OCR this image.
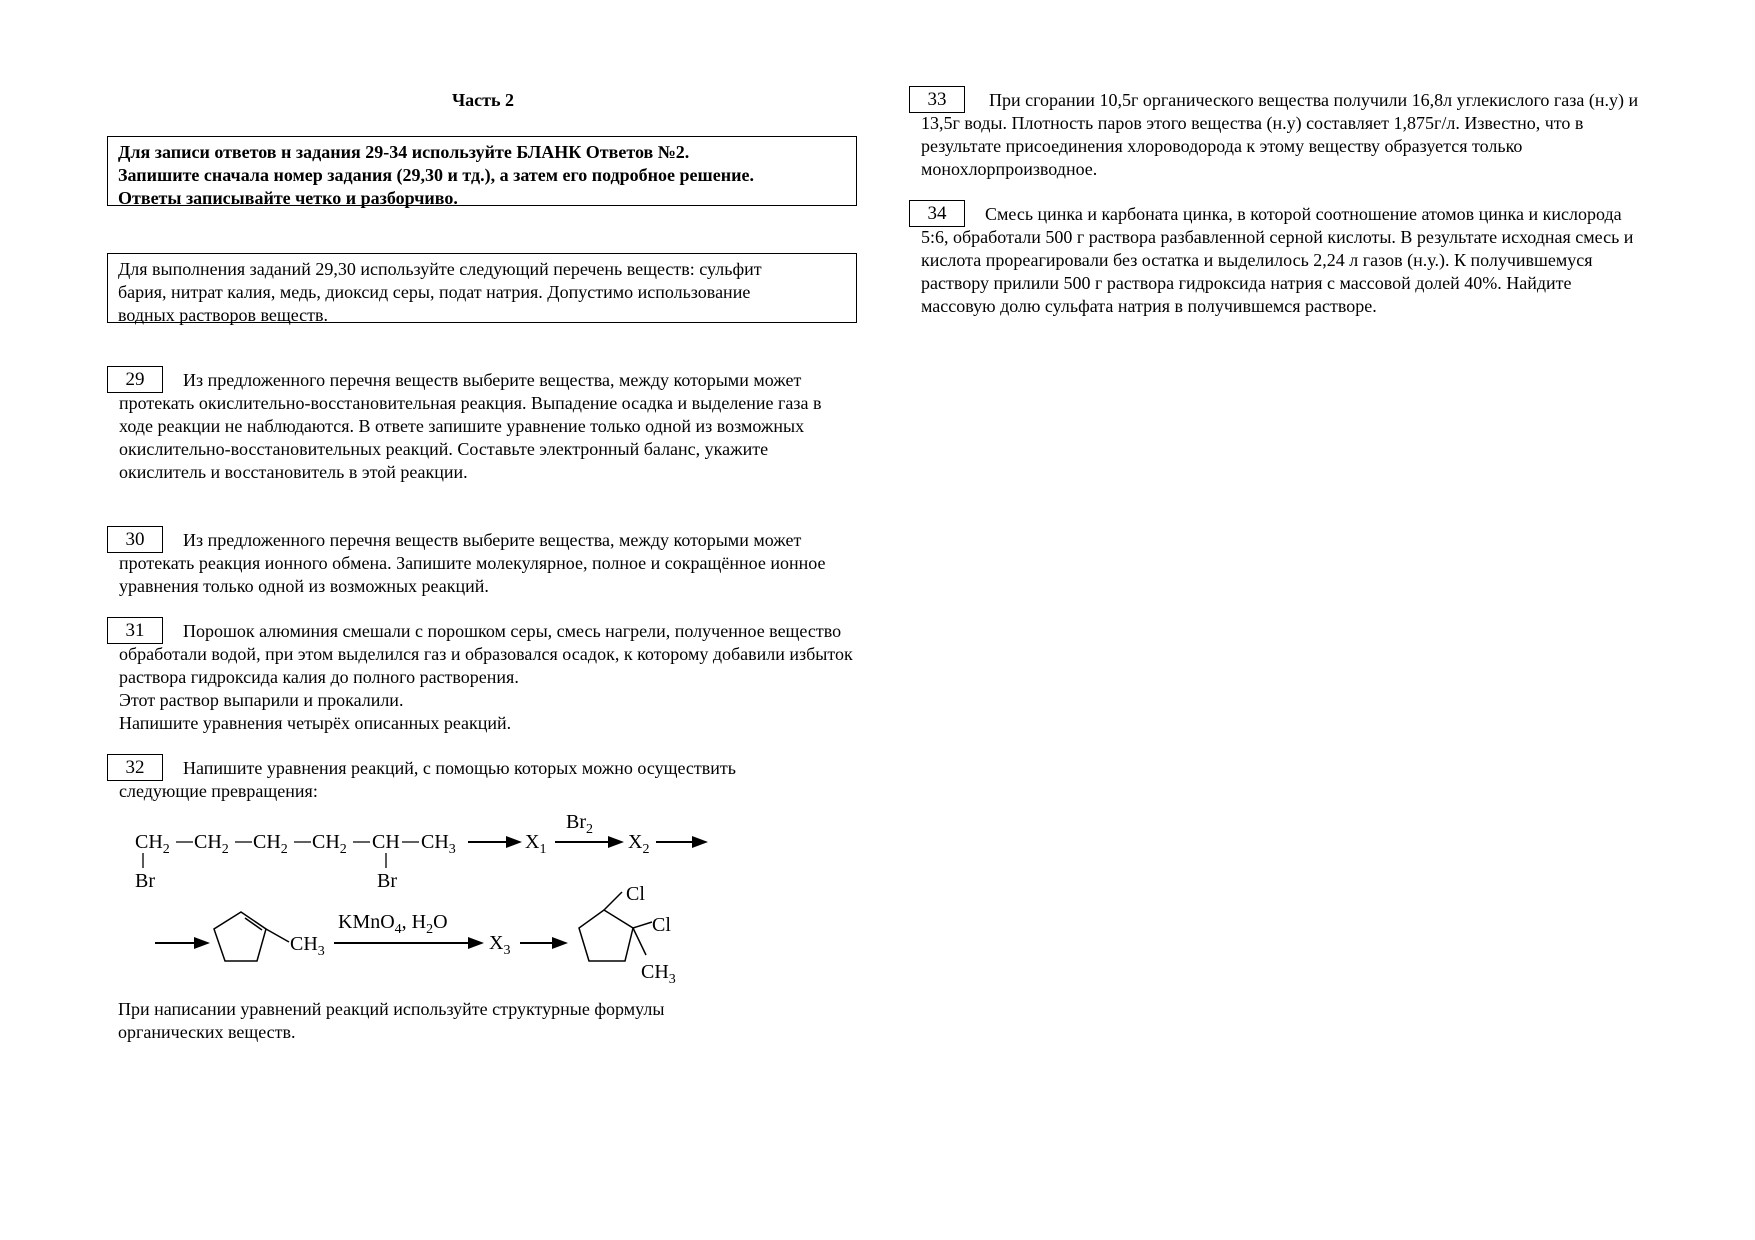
Часть 2
Для записи ответов н задания 29-34 используйте БЛАНК Ответов №2.
Запишите сначала номер задания (29,30 и тд.), а затем его подробное решение.
Ответы записывайте четко и разборчиво.
Для выполнения заданий 29,30 используйте следующий перечень веществ: сульфит
бария, нитрат калия, медь, диоксид серы, подат натрия. Допустимо использование
водных растворов веществ.
29	Из предложенного перечня веществ выберите вещества, между которыми может протекать окислительно-восстановительная реакция. Выпадение осадка и выделение газа в ходе реакции не наблюдаются. В ответе запишите уравнение только одной из возможных окислительно-восстановительных реакций. Составьте электронный баланс, укажите окислитель и восстановитель в этой реакции.
30	Из предложенного перечня веществ выберите вещества, между которыми может протекать реакция ионного обмена. Запишите молекулярное, полное и сокращённое ионное уравнения только одной из возможных реакций.
31	Порошок алюминия смешали с порошком серы, смесь нагрели, полученное вещество обработали водой, при этом выделился газ и образовался осадок, к которому добавили избыток раствора гидроксида калия до полного растворения.
Этот раствор выпарили и прокалили.
Напишите уравнения четырёх описанных реакций.
32	Напишите уравнения реакций, с помощью которых можно осуществить следующие превращения:
$CH_2$ $CH_2$ $CH_2$ $CH_2$ CH $CH_3$
Br	Br
$X_1$
$Br_2$
$X_2$
$CH_3$
KMnO$_4$, $H_2O$
$X_3$
Cl
Cl
$CH_3$
При написании уравнений реакций используйте структурные формулы органических веществ.
33	При сгорании 10,5г органического вещества получили 16,8л углекислого газа (н.у) и 13,5г воды. Плотность паров этого вещества (н.у) составляет 1,875г/л. Известно, что в результате присоединения хлороводорода к этому веществу образуется только монохлорпроизводное.
34	Смесь цинка и карбоната цинка, в которой соотношение атомов цинка и кислорода 5:6, обработали 500 г раствора разбавленной серной кислоты. В результате исходная смесь и кислота прореагировали без остатка и выделилось 2,24 л газов (н.у.). К получившемуся раствору прилили 500 г раствора гидроксида натрия с массовой долей 40%. Найдите массовую долю сульфата натрия в получившемся растворе.
